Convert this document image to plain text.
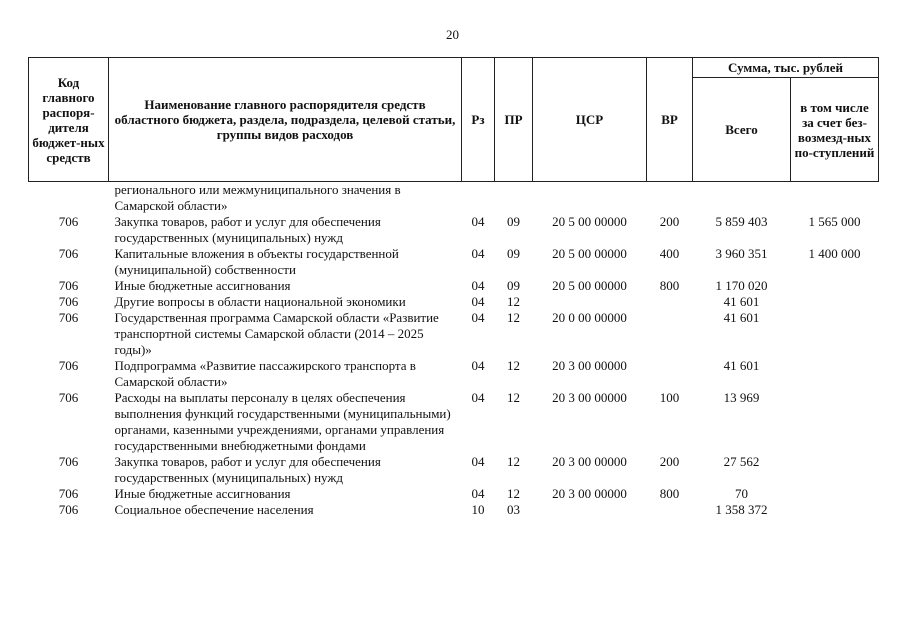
20
Код главного распоря-дителя бюджет-ных средств	Наименование главного распорядителя средств областного бюджета, раздела, подраздела, целевой статьи, группы видов расходов	Рз	ПР	ЦСР	ВР	Сумма, тыс. рублей	
						Всего	в том числе за счет без-возмезд-ных по-ступлений
	регионального или межмуниципального значения в Самарской области»						
706	Закупка товаров, работ и услуг для обеспечения государственных (муниципальных) нужд	04	09	20 5 00 00000	200	5 859 403	1 565 000
706	Капитальные вложения в объекты государственной (муниципальной) собственности	04	09	20 5 00 00000	400	3 960 351	1 400 000
706	Иные бюджетные ассигнования	04	09	20 5 00 00000	800	1 170 020	
706	Другие вопросы в области национальной экономики	04	12			41 601	
706	Государственная программа Самарской области «Развитие транспортной системы Самарской области (2014 – 2025 годы)»	04	12	20 0 00 00000		41 601	
706	Подпрограмма «Развитие пассажирского транспорта в Самарской области»	04	12	20 3 00 00000		41 601	
706	Расходы на выплаты персоналу в целях обеспечения выполнения функций государственными (муниципальными) органами, казенными учреждениями, органами управления государственными внебюджетными фондами	04	12	20 3 00 00000	100	13 969	
706	Закупка товаров, работ и услуг для обеспечения государственных (муниципальных) нужд	04	12	20 3 00 00000	200	27 562	
706	Иные бюджетные ассигнования	04	12	20 3 00 00000	800	70	
706	Социальное обеспечение населения	10	03			1 358 372	
